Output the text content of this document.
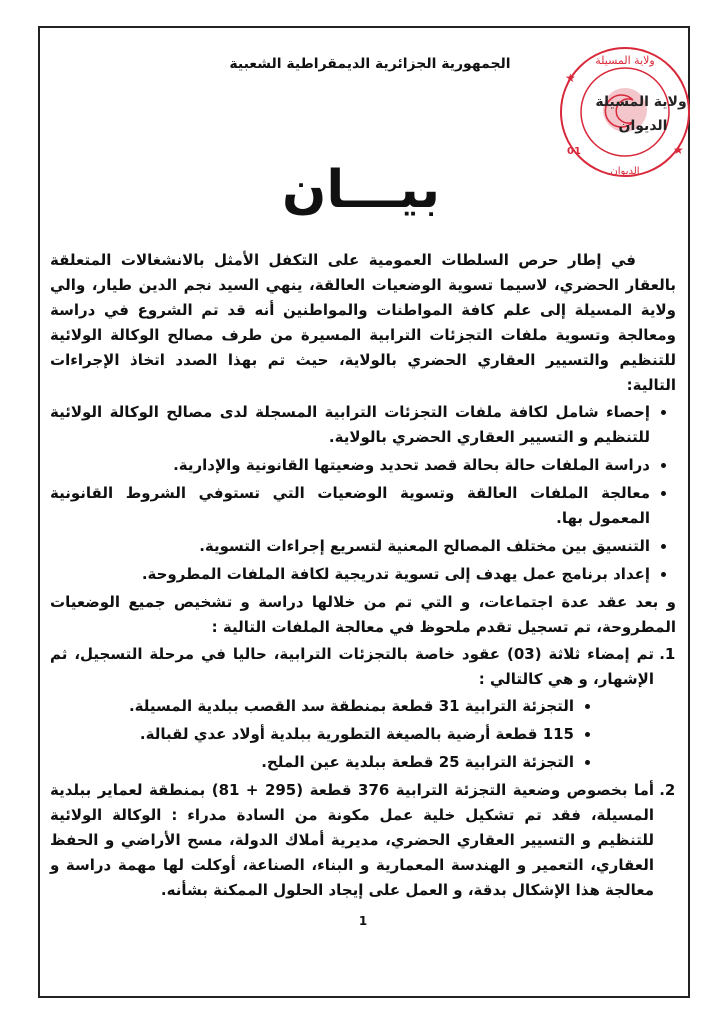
الجمهورية الجزائرية الديمقراطية الشعبية	ولاية المسيلة
الديوان
01
ولاية المسيلة
الديوان
★
★
بيـــان

في إطار حرص السلطات العمومية على التكفل الأمثل بالانشغالات المتعلقة بالعقار الحضري، لاسيما تسوية الوضعيات العالقة، ينهي السيد نجم الدين طيار، والي ولاية المسيلة إلى علم كافة المواطنات والمواطنين أنه قد تم الشروع في دراسة ومعالجة وتسوية ملفات التجزئات الترابية المسيرة من طرف مصالح الوكالة الولائية للتنظيم والتسيير العقاري الحضري بالولاية، حيث تم بهذا الصدد اتخاذ الإجراءات التالية:

• إحصاء شامل لكافة ملفات التجزئات الترابية المسجلة لدى مصالح الوكالة الولائية للتنظيم و التسيير العقاري الحضري بالولاية.
• دراسة الملفات حالة بحالة قصد تحديد وضعيتها القانونية والإدارية.
• معالجة الملفات العالقة وتسوية الوضعيات التي تستوفي الشروط القانونية المعمول بها.
• التنسيق بين مختلف المصالح المعنية لتسريع إجراءات التسوية.
• إعداد برنامج عمل يهدف إلى تسوية تدريجية لكافة الملفات المطروحة.

و بعد عقد عدة اجتماعات، و التي تم من خلالها دراسة و تشخيص جميع الوضعيات المطروحة، تم تسجيل تقدم ملحوظ في معالجة الملفات التالية :

1. تم إمضاء ثلاثة (03) عقود خاصة بالتجزئات الترابية، حاليا في مرحلة التسجيل، ثم الإشهار، و هي كالتالي :
• التجزئة الترابية 31 قطعة بمنطقة سد القصب ببلدية المسيلة.
• 115 قطعة أرضية بالصيغة التطورية ببلدية أولاد عدي لقبالة.
• التجزئة الترابية 25 قطعة ببلدية عين الملح.
2. أما بخصوص وضعية التجزئة الترابية 376 قطعة (295 + 81) بمنطقة لعماير ببلدية المسيلة، فقد تم تشكيل خلية عمل مكونة من السادة مدراء : الوكالة الولائية للتنظيم و التسيير العقاري الحضري، مديرية أملاك الدولة، مسح الأراضي و الحفظ العقاري، التعمير و الهندسة المعمارية و البناء، الصناعة، أوكلت لها مهمة دراسة و معالجة هذا الإشكال بدقة، و العمل على إيجاد الحلول الممكنة بشأنه.
1
